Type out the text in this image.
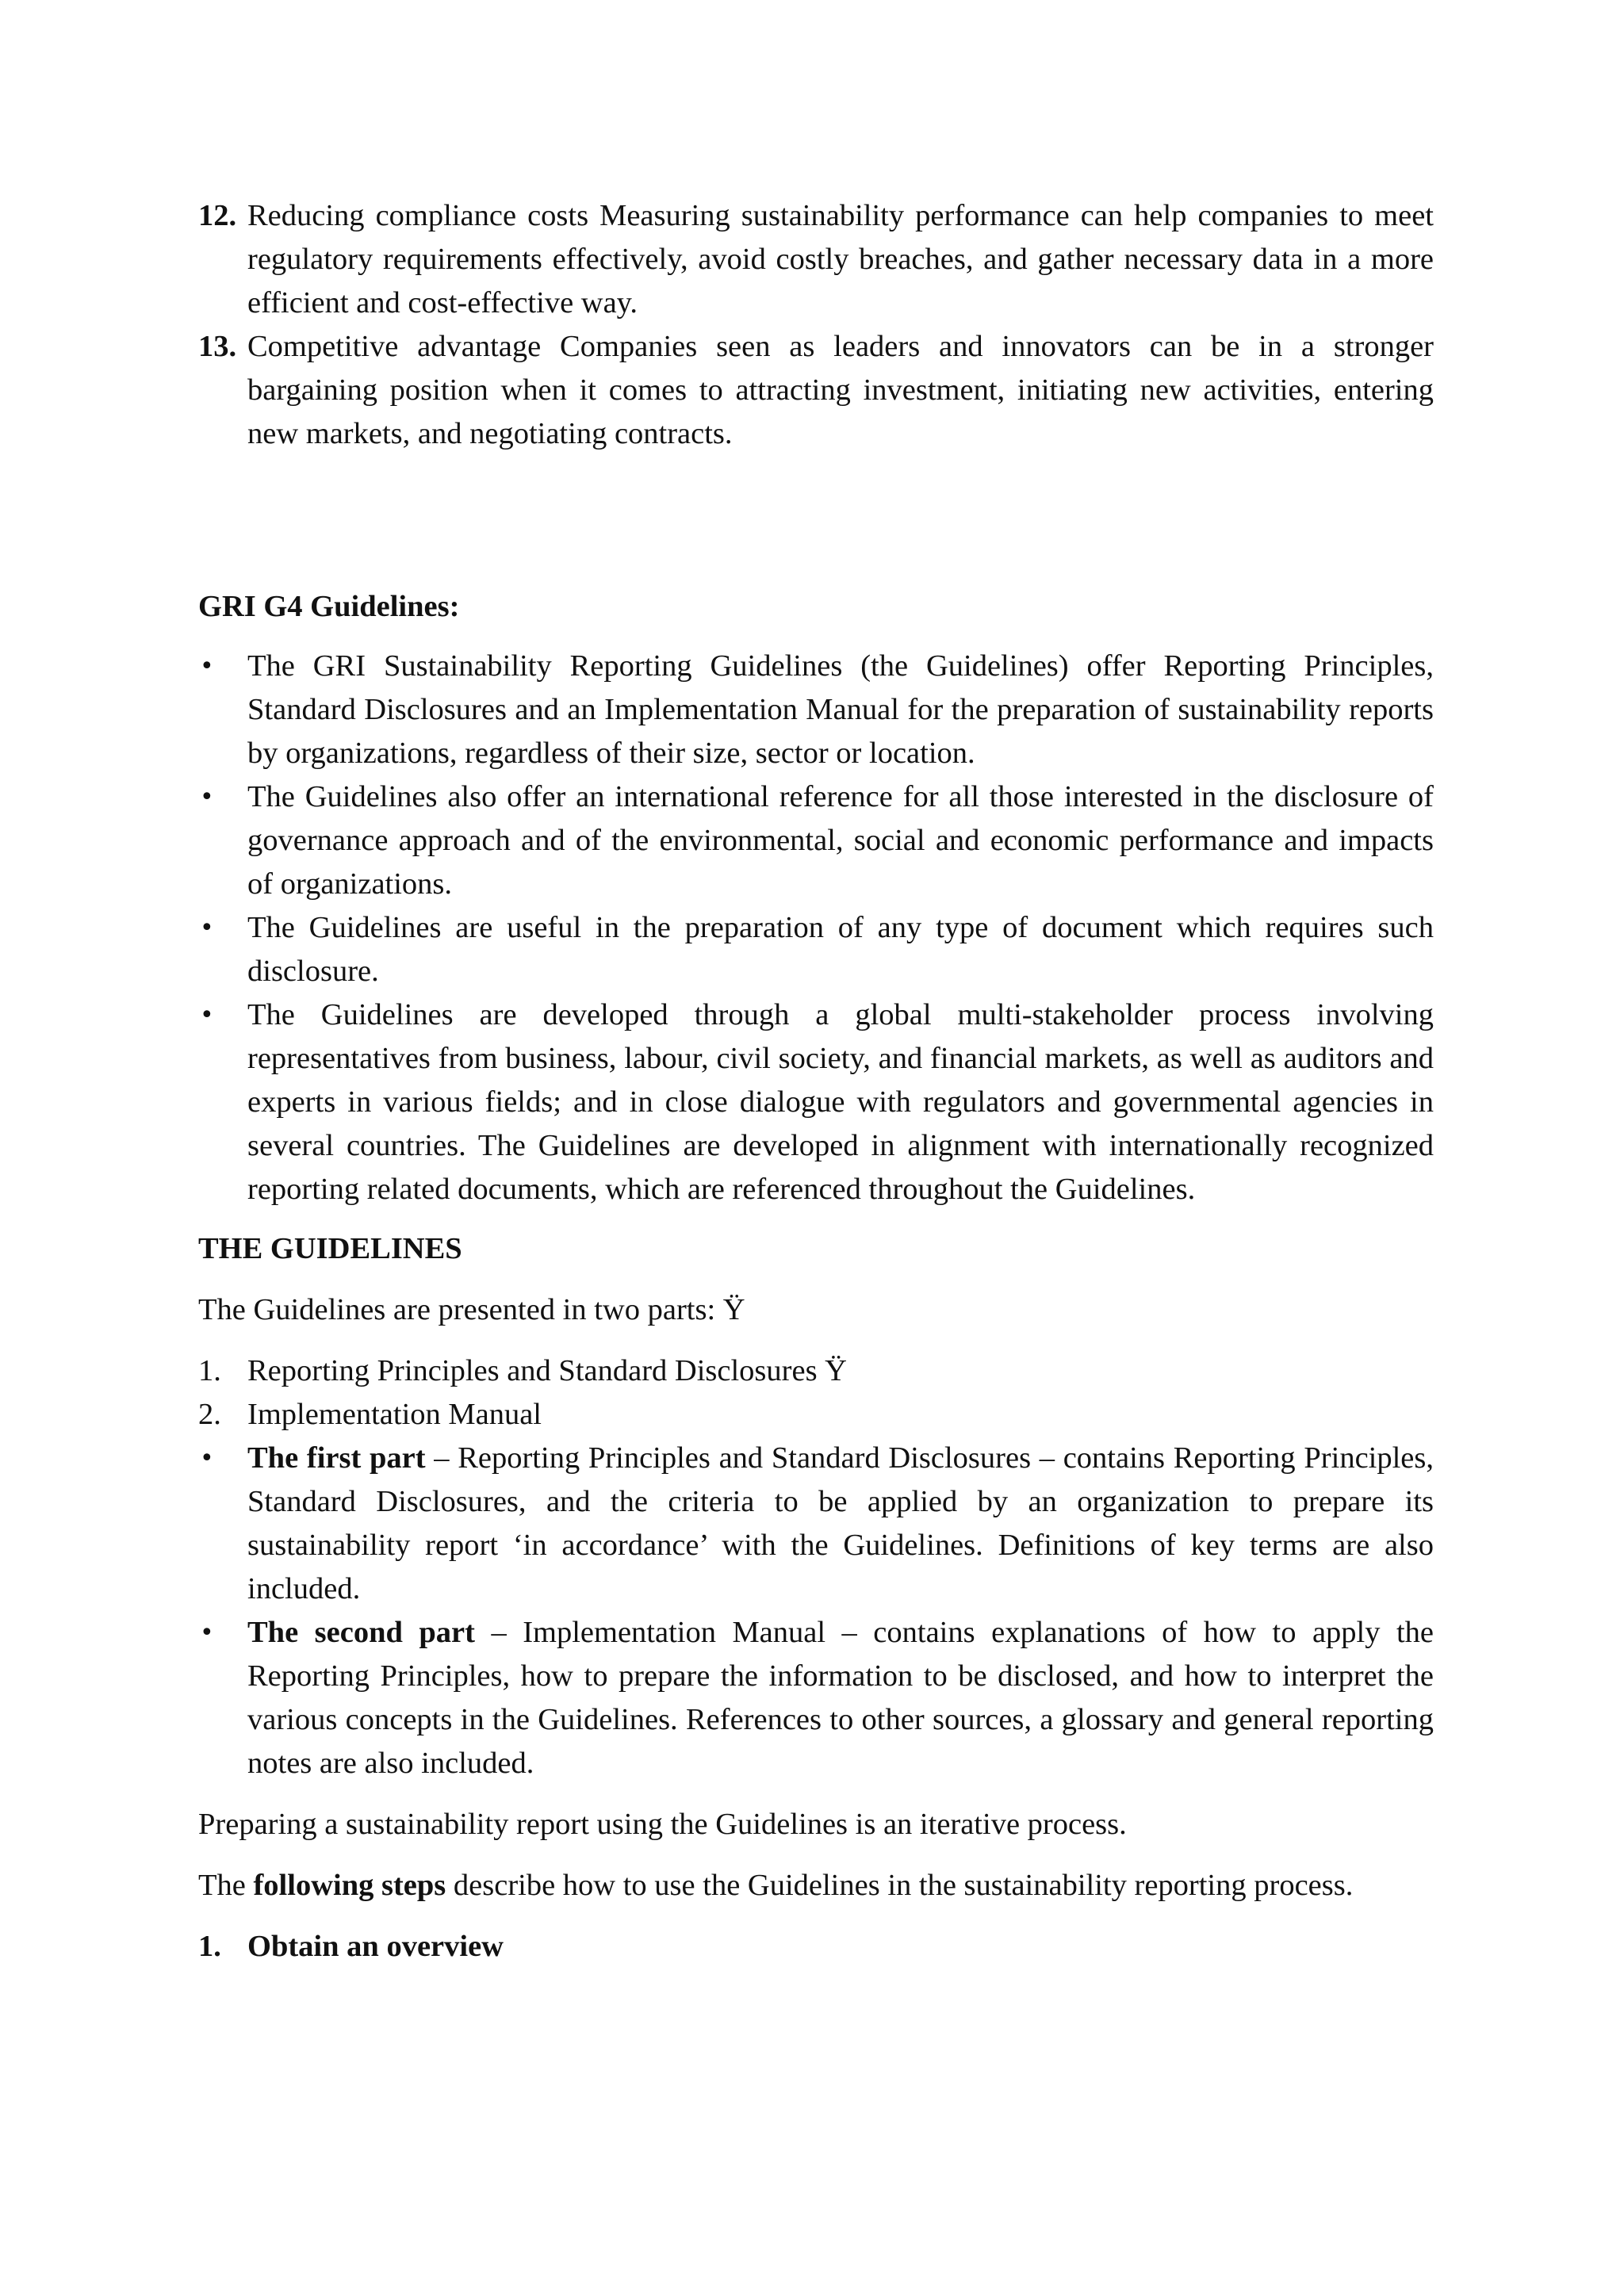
12. Reducing compliance costs Measuring sustainability performance can help companies to meet regulatory requirements effectively, avoid costly breaches, and gather necessary data in a more efficient and cost-effective way.
13. Competitive advantage Companies seen as leaders and innovators can be in a stronger bargaining position when it comes to attracting investment, initiating new activities, entering new markets, and negotiating contracts.

GRI G4 Guidelines:

• The GRI Sustainability Reporting Guidelines (the Guidelines) offer Reporting Principles, Standard Disclosures and an Implementation Manual for the preparation of sustainability reports by organizations, regardless of their size, sector or location.
• The Guidelines also offer an international reference for all those interested in the disclosure of governance approach and of the environmental, social and economic performance and impacts of organizations.
• The Guidelines are useful in the preparation of any type of document which requires such disclosure.
• The Guidelines are developed through a global multi-stakeholder process involving representatives from business, labour, civil society, and financial markets, as well as auditors and experts in various fields; and in close dialogue with regulators and governmental agencies in several countries. The Guidelines are developed in alignment with internationally recognized reporting related documents, which are referenced throughout the Guidelines.

THE GUIDELINES

The Guidelines are presented in two parts: Ÿ

1. Reporting Principles and Standard Disclosures Ÿ
2. Implementation Manual
• The first part – Reporting Principles and Standard Disclosures – contains Reporting Principles, Standard Disclosures, and the criteria to be applied by an organization to prepare its sustainability report ‘in accordance’ with the Guidelines. Definitions of key terms are also included.
• The second part – Implementation Manual – contains explanations of how to apply the Reporting Principles, how to prepare the information to be disclosed, and how to interpret the various concepts in the Guidelines. References to other sources, a glossary and general reporting notes are also included.

Preparing a sustainability report using the Guidelines is an iterative process.

The following steps describe how to use the Guidelines in the sustainability reporting process.

1. Obtain an overview
